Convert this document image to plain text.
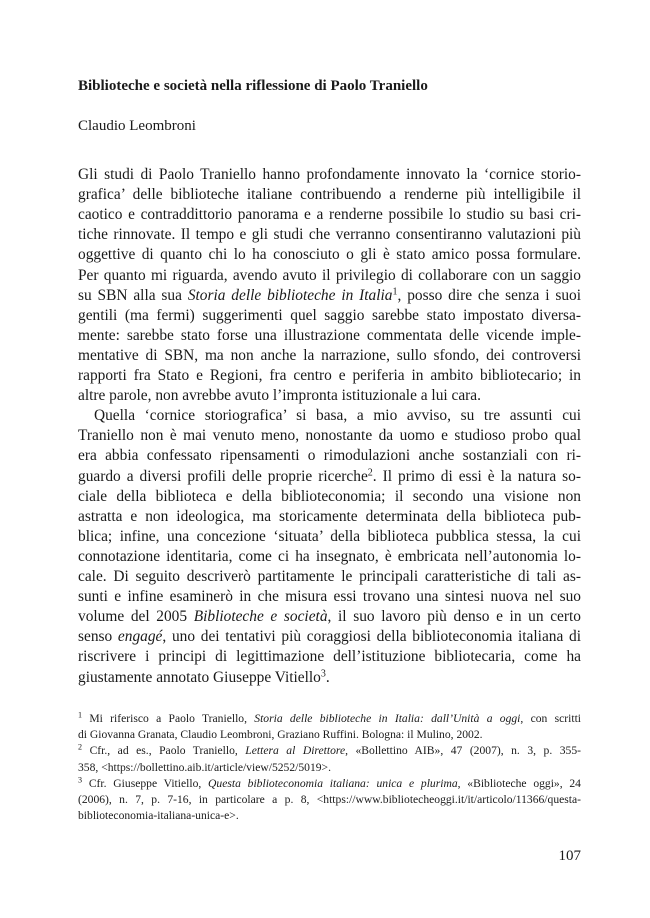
Biblioteche e società nella riflessione di Paolo Traniello
Claudio Leombroni
Gli studi di Paolo Traniello hanno profondamente innovato la ‘cornice storio-
grafica’ delle biblioteche italiane contribuendo a renderne più intelligibile il
caotico e contraddittorio panorama e a renderne possibile lo studio su basi cri-
tiche rinnovate. Il tempo e gli studi che verranno consentiranno valutazioni più
oggettive di quanto chi lo ha conosciuto o gli è stato amico possa formulare.
Per quanto mi riguarda, avendo avuto il privilegio di collaborare con un saggio
su SBN alla sua Storia delle biblioteche in Italia$^1$, posso dire che senza i suoi
gentili (ma fermi) suggerimenti quel saggio sarebbe stato impostato diversa-
mente: sarebbe stato forse una illustrazione commentata delle vicende imple-
mentative di SBN, ma non anche la narrazione, sullo sfondo, dei controversi
rapporti fra Stato e Regioni, fra centro e periferia in ambito bibliotecario; in
altre parole, non avrebbe avuto l’impronta istituzionale a lui cara.
Quella ‘cornice storiografica’ si basa, a mio avviso, su tre assunti cui
Traniello non è mai venuto meno, nonostante da uomo e studioso probo qual
era abbia confessato ripensamenti o rimodulazioni anche sostanziali con ri-
guardo a diversi profili delle proprie ricerche$^2$. Il primo di essi è la natura so-
ciale della biblioteca e della biblioteconomia; il secondo una visione non
astratta e non ideologica, ma storicamente determinata della biblioteca pub-
blica; infine, una concezione ‘situata’ della biblioteca pubblica stessa, la cui
connotazione identitaria, come ci ha insegnato, è embricata nell’autonomia lo-
cale. Di seguito descriverò partitamente le principali caratteristiche di tali as-
sunti e infine esaminerò in che misura essi trovano una sintesi nuova nel suo
volume del 2005 Biblioteche e società, il suo lavoro più denso e in un certo
senso engagé, uno dei tentativi più coraggiosi della biblioteconomia italiana di
riscrivere i principi di legittimazione dell’istituzione bibliotecaria, come ha
giustamente annotato Giuseppe Vitiello$^3$.
$^1$ Mi riferisco a Paolo Traniello, Storia delle biblioteche in Italia: dall’Unità a oggi, con scritti
di Giovanna Granata, Claudio Leombroni, Graziano Ruffini. Bologna: il Mulino, 2002.
$^2$ Cfr., ad es., Paolo Traniello, Lettera al Direttore, «Bollettino AIB», 47 (2007), n. 3, p. 355-
358, <https://bollettino.aib.it/article/view/5252/5019>.
$^3$ Cfr. Giuseppe Vitiello, Questa biblioteconomia italiana: unica e plurima, «Biblioteche oggi», 24
(2006), n. 7, p. 7-16, in particolare a p. 8, <https://www.bibliotecheoggi.it/it/articolo/11366/questa-
biblioteconomia-italiana-unica-e>.
107
